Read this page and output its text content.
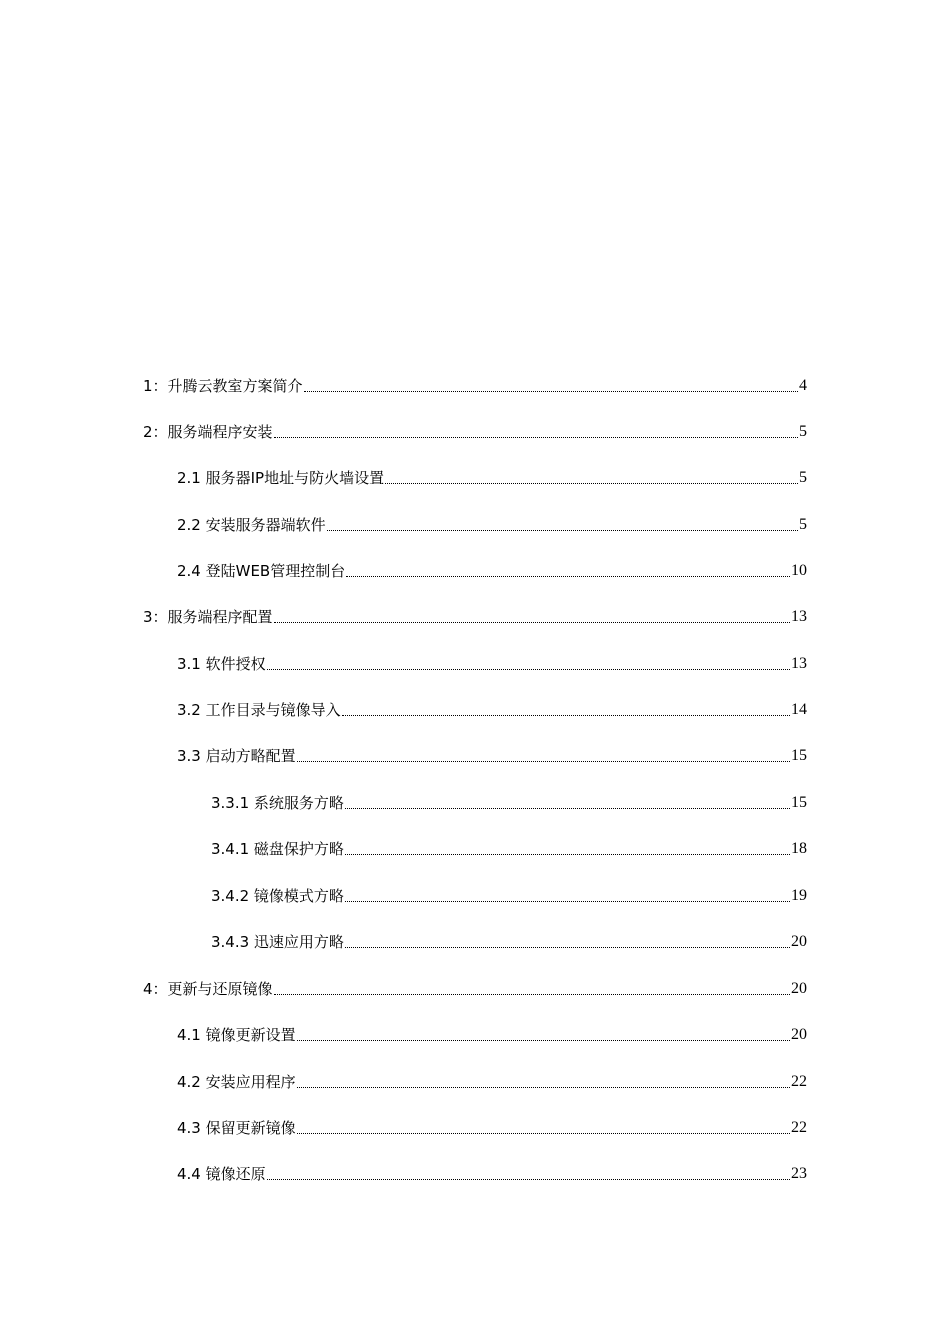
1：升腾云教室方案简介	4
2：服务端程序安装	5
2.1 服务器IP地址与防火墙设置	5
2.2 安装服务器端软件	5
2.4 登陆WEB管理控制台	10
3：服务端程序配置	13
3.1 软件授权	13
3.2 工作目录与镜像导入	14
3.3 启动方略配置	15
3.3.1 系统服务方略	15
3.4.1 磁盘保护方略	18
3.4.2 镜像模式方略	19
3.4.3 迅速应用方略	20
4：更新与还原镜像	20
4.1 镜像更新设置	20
4.2 安装应用程序	22
4.3 保留更新镜像	22
4.4 镜像还原	23
